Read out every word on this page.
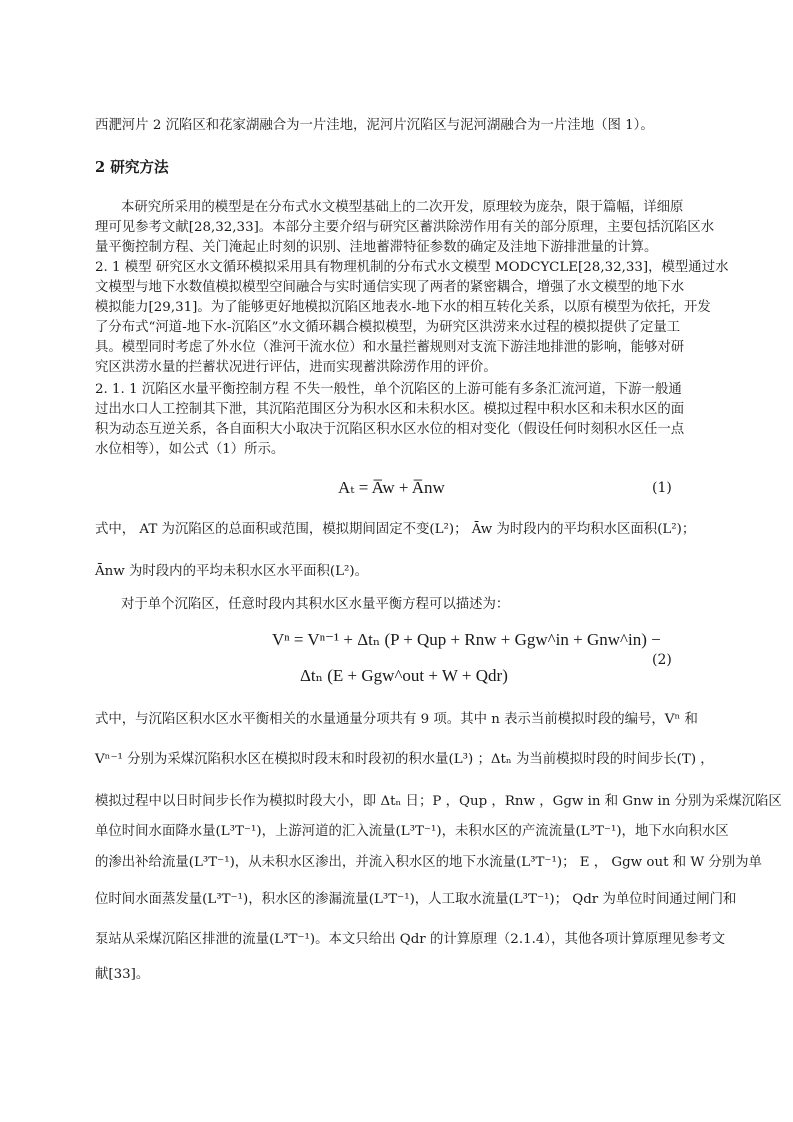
西淝河片 2 沉陷区和花家湖融合为一片洼地，泥河片沉陷区与泥河湖融合为一片洼地（图 1）。
2 研究方法
本研究所采用的模型是在分布式水文模型基础上的二次开发，原理较为庞杂，限于篇幅，详细原
理可见参考文献[28,32,33]。本部分主要介绍与研究区蓄洪除涝作用有关的部分原理，主要包括沉陷区水
量平衡控制方程、关门淹起止时刻的识别、洼地蓄滞特征参数的确定及洼地下游排泄量的计算。
2. 1 模型 研究区水文循环模拟采用具有物理机制的分布式水文模型 MODCYCLE[28,32,33]，模型通过水
文模型与地下水数值模拟模型空间融合与实时通信实现了两者的紧密耦合，增强了水文模型的地下水
模拟能力[29,31]。为了能够更好地模拟沉陷区地表水-地下水的相互转化关系，以原有模型为依托，开发
了分布式“河道-地下水-沉陷区”水文循环耦合模拟模型，为研究区洪涝来水过程的模拟提供了定量工
具。模型同时考虑了外水位（淮河干流水位）和水量拦蓄规则对支流下游洼地排泄的影响，能够对研
究区洪涝水量的拦蓄状况进行评估，进而实现蓄洪除涝作用的评价。
2. 1. 1 沉陷区水量平衡控制方程 不失一般性，单个沉陷区的上游可能有多条汇流河道，下游一般通
过出水口人工控制其下泄，其沉陷范围区分为积水区和未积水区。模拟过程中积水区和未积水区的面
积为动态互逆关系，各自面积大小取决于沉陷区积水区水位的相对变化（假设任何时刻积水区任一点
水位相等），如公式（1）所示。
Aₜ = A̅w + A̅nw	(1)
式中， AT 为沉陷区的总面积或范围，模拟期间固定不变(L²)； Āw 为时段内的平均积水区面积(L²)；
Ānw 为时段内的平均未积水区水平面积(L²)。
对于单个沉陷区，任意时段内其积水区水量平衡方程可以描述为：
Vⁿ = Vⁿ⁻¹ + Δtₙ (P + Qup + Rnw + Ggw^in + Gnw^in) −
Δtₙ (E + Ggw^out + W + Qdr)
(2)
式中，与沉陷区积水区水平衡相关的水量通量分项共有 9 项。其中 n 表示当前模拟时段的编号，Vⁿ 和
Vⁿ⁻¹ 分别为采煤沉陷积水区在模拟时段末和时段初的积水量(L³) ；Δtₙ 为当前模拟时段的时间步长(T) ，
模拟过程中以日时间步长作为模拟时段大小，即 Δtₙ 日；P ，Qup ，Rnw ，Ggw in 和 Gnw in 分别为采煤沉陷区
单位时间水面降水量(L³T⁻¹)，上游河道的汇入流量(L³T⁻¹)，未积水区的产流流量(L³T⁻¹)，地下水向积水区
的渗出补给流量(L³T⁻¹)，从未积水区渗出，并流入积水区的地下水流量(L³T⁻¹)； E ， Ggw out 和 W 分别为单
位时间水面蒸发量(L³T⁻¹)，积水区的渗漏流量(L³T⁻¹)，人工取水流量(L³T⁻¹)； Qdr 为单位时间通过闸门和
泵站从采煤沉陷区排泄的流量(L³T⁻¹)。本文只给出 Qdr 的计算原理（2.1.4），其他各项计算原理见参考文
献[33]。
